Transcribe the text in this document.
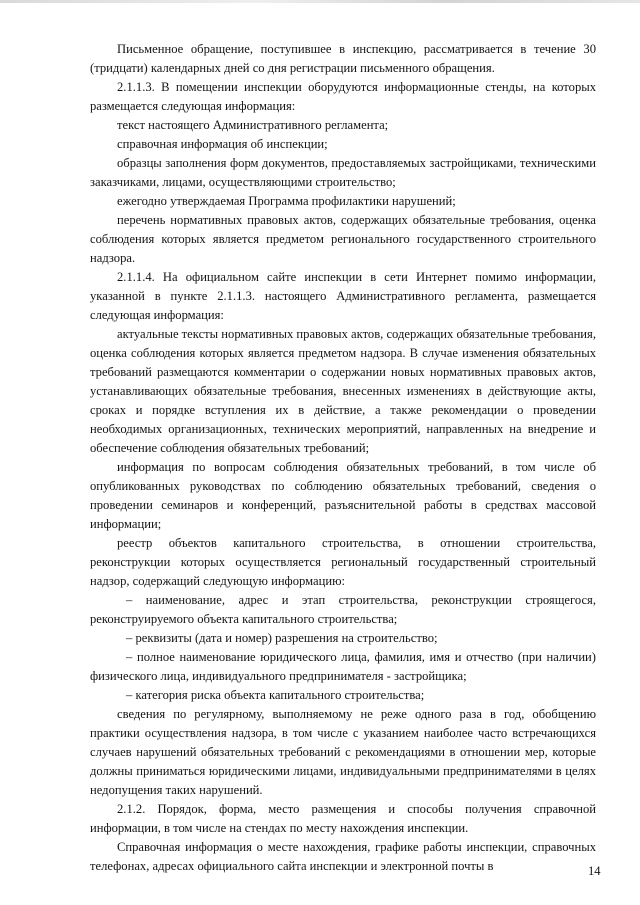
Письменное обращение, поступившее в инспекцию, рассматривается в течение 30 (тридцати) календарных дней со дня регистрации письменного обращения.

2.1.1.3. В помещении инспекции оборудуются информационные стенды, на которых размещается следующая информация:

текст настоящего Административного регламента;

справочная информация об инспекции;

образцы заполнения форм документов, предоставляемых застройщиками, техническими заказчиками, лицами, осуществляющими строительство;

ежегодно утверждаемая Программа профилактики нарушений;

перечень нормативных правовых актов, содержащих обязательные требования, оценка соблюдения которых является предметом регионального государственного строительного надзора.

2.1.1.4. На официальном сайте инспекции в сети Интернет помимо информации, указанной в пункте 2.1.1.3. настоящего Административного регламента, размещается следующая информация:

актуальные тексты нормативных правовых актов, содержащих обязательные требования, оценка соблюдения которых является предметом надзора. В случае изменения обязательных требований размещаются комментарии о содержании новых нормативных правовых актов, устанавливающих обязательные требования, внесенных изменениях в действующие акты, сроках и порядке вступления их в действие, а также рекомендации о проведении необходимых организационных, технических мероприятий, направленных на внедрение и обеспечение соблюдения обязательных требований;

информация по вопросам соблюдения обязательных требований, в том числе об опубликованных руководствах по соблюдению обязательных требований, сведения о проведении семинаров и конференций, разъяснительной работы в средствах массовой информации;

реестр объектов капитального строительства, в отношении строительства, реконструкции которых осуществляется региональный государственный строительный надзор, содержащий следующую информацию:

– наименование, адрес и этап строительства, реконструкции строящегося, реконструируемого объекта капитального строительства;

– реквизиты (дата и номер) разрешения на строительство;

– полное наименование юридического лица, фамилия, имя и отчество (при наличии) физического лица, индивидуального предпринимателя - застройщика;

– категория риска объекта капитального строительства;

сведения по регулярному, выполняемому не реже одного раза в год, обобщению практики осуществления надзора, в том числе с указанием наиболее часто встречающихся случаев нарушений обязательных требований с рекомендациями в отношении мер, которые должны приниматься юридическими лицами, индивидуальными предпринимателями в целях недопущения таких нарушений.

2.1.2. Порядок, форма, место размещения и способы получения справочной информации, в том числе на стендах по месту нахождения инспекции.

Справочная информация о месте нахождения, графике работы инспекции, справочных телефонах, адресах официального сайта инспекции и электронной почты в	14
